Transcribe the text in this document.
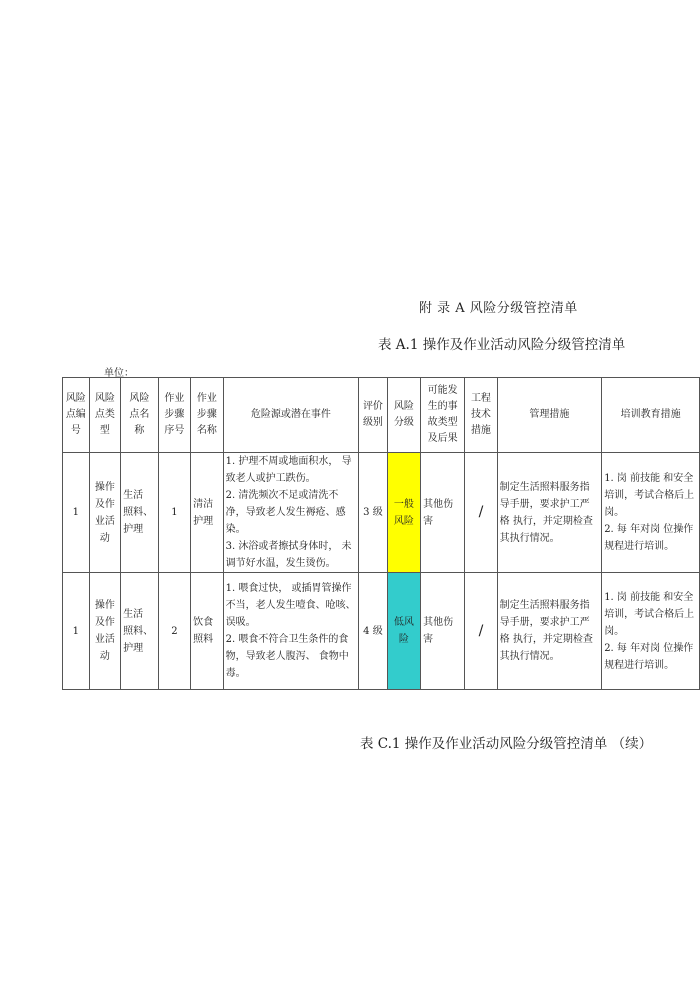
附 录 A 风险分级管控清单
表 A.1 操作及作业活动风险分级管控清单
单位：
风险点编号	风险点类型	风险 点名 称	作业 步骤 序号	作业 步骤 名称	危险源或潜在事件	评价 级别	风险 分级	可能发 生的事 故类型 及后果	工程 技术 措施	管理措施	培训教育措施
1	操作及作业活动	生活 照料、护理	1	清洁护理	1. 护理不周或地面积水， 导致老人或护工跌伤。
2. 清洗频次不足或清洗不净，导致老人发生褥疮、感染。
3. 沐浴或者擦拭身体时， 未调节好水温，发生烫伤。	3 级	一般风险	其他伤 害	/	制定生活照料服务指 导手册，要求护工严格 执行，并定期检查其执行情况。	1. 岗 前技能 和安全培训，考试合格后上岗。
2. 每 年对岗 位操作规程进行培训。

1	操作及作业活动	生活 照料、护理	2	饮食照料	1. 喂食过快， 或插胃管操作不当，老人发生噎食、呛咳、误吸。
2. 喂食不符合卫生条件的食物，导致老人腹泻、 食物中毒。	4 级	低风险	其他伤 害	/	制定生活照料服务指 导手册，要求护工严格 执行，并定期检查其执行情况。	1. 岗 前技能 和安全培训，考试合格后上岗。
2. 每 年对岗 位操作规程进行培训。
表 C.1 操作及作业活动风险分级管控清单 （续）
